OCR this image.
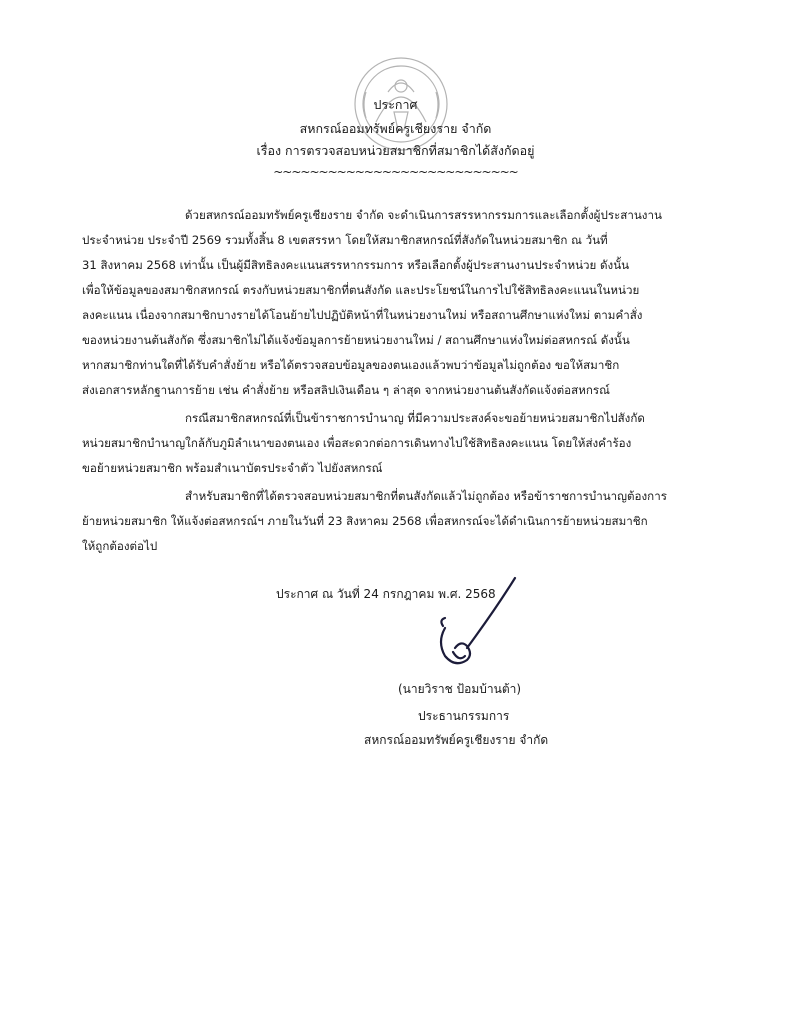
ประกาศ
สหกรณ์ออมทรัพย์ครูเชียงราย จำกัด
เรื่อง การตรวจสอบหน่วยสมาชิกที่สมาชิกได้สังกัดอยู่
~~~~~~~~~~~~~~~~~~~~~~~~~~~
ด้วยสหกรณ์ออมทรัพย์ครูเชียงราย จำกัด จะดำเนินการสรรหากรรมการและเลือกตั้งผู้ประสานงาน
ประจำหน่วย ประจำปี 2569 รวมทั้งสิ้น 8 เขตสรรหา โดยให้สมาชิกสหกรณ์ที่สังกัดในหน่วยสมาชิก ณ วันที่
31 สิงหาคม 2568 เท่านั้น เป็นผู้มีสิทธิลงคะแนนสรรหากรรมการ หรือเลือกตั้งผู้ประสานงานประจำหน่วย ดังนั้น
เพื่อให้ข้อมูลของสมาชิกสหกรณ์ ตรงกับหน่วยสมาชิกที่ตนสังกัด และประโยชน์ในการไปใช้สิทธิลงคะแนนในหน่วย
ลงคะแนน เนื่องจากสมาชิกบางรายได้โอนย้ายไปปฏิบัติหน้าที่ในหน่วยงานใหม่ หรือสถานศึกษาแห่งใหม่ ตามคำสั่ง
ของหน่วยงานต้นสังกัด ซึ่งสมาชิกไม่ได้แจ้งข้อมูลการย้ายหน่วยงานใหม่ / สถานศึกษาแห่งใหม่ต่อสหกรณ์ ดังนั้น
หากสมาชิกท่านใดที่ได้รับคำสั่งย้าย หรือได้ตรวจสอบข้อมูลของตนเองแล้วพบว่าข้อมูลไม่ถูกต้อง ขอให้สมาชิก
ส่งเอกสารหลักฐานการย้าย เช่น คำสั่งย้าย หรือสลิปเงินเดือน ๆ ล่าสุด จากหน่วยงานต้นสังกัดแจ้งต่อสหกรณ์
กรณีสมาชิกสหกรณ์ที่เป็นข้าราชการบำนาญ ที่มีความประสงค์จะขอย้ายหน่วยสมาชิกไปสังกัด
หน่วยสมาชิกบำนาญใกล้กับภูมิลำเนาของตนเอง เพื่อสะดวกต่อการเดินทางไปใช้สิทธิลงคะแนน โดยให้ส่งคำร้อง
ขอย้ายหน่วยสมาชิก พร้อมสำเนาบัตรประจำตัว ไปยังสหกรณ์
สำหรับสมาชิกที่ได้ตรวจสอบหน่วยสมาชิกที่ตนสังกัดแล้วไม่ถูกต้อง หรือข้าราชการบำนาญต้องการ
ย้ายหน่วยสมาชิก ให้แจ้งต่อสหกรณ์ฯ ภายในวันที่ 23 สิงหาคม 2568 เพื่อสหกรณ์จะได้ดำเนินการย้ายหน่วยสมาชิก
ให้ถูกต้องต่อไป
ประกาศ ณ วันที่ 24 กรกฎาคม พ.ศ. 2568
(นายวิราช ป้อมบ้านต้า)
ประธานกรรมการ
สหกรณ์ออมทรัพย์ครูเชียงราย จำกัด
